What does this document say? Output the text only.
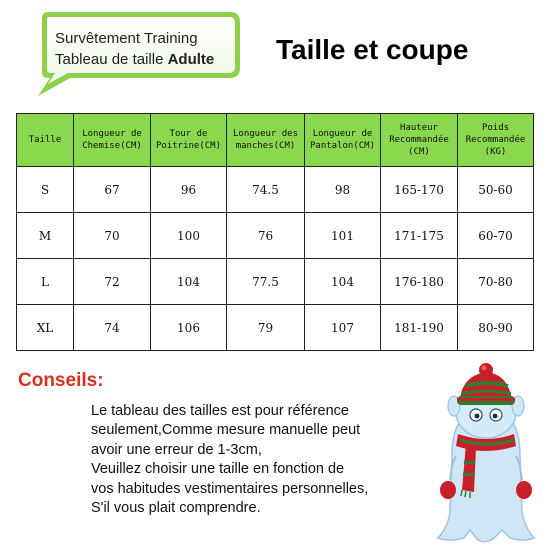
Survêtement Training
Tableau de taille Adulte Taille et coupe
Taille	Longueur de Chemise(CM)	Tour de Poitrine(CM)	Longueur des manches(CM)	Longueur de Pantalon(CM)	Hauteur Recommandée (CM)	Poids Recommandée (KG)
S	67	96	74.5	98	165-170	50-60
M	70	100	76	101	171-175	60-70
L	72	104	77.5	104	176-180	70-80
XL	74	106	79	107	181-190	80-90
Conseils:
Le tableau des tailles est pour référence
seulement,Comme mesure manuelle peut
avoir une erreur de 1-3cm,
Veuillez choisir une taille en fonction de
vos habitudes vestimentaires personnelles,
S'il vous plait comprendre.
